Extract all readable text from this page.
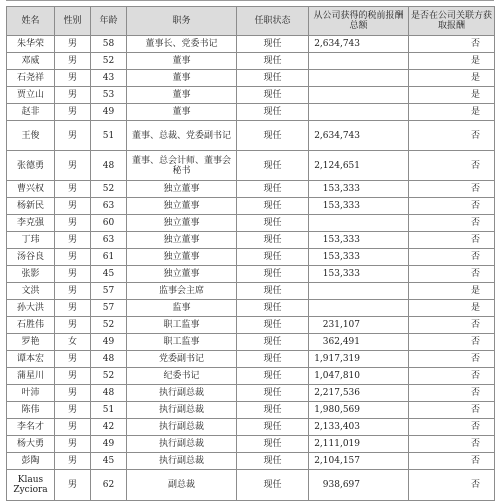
姓名	性别	年龄	职务	任职状态	从公司获得的税前报酬总额	是否在公司关联方获取报酬
朱华荣	男	58	董事长、党委书记	现任	2,634,743	否
邓威	男	52	董事	现任		是
石尧祥	男	43	董事	现任		是
贾立山	男	53	董事	现任		是
赵非	男	49	董事	现任		是
王俊	男	51	董事、总裁、党委副书记	现任	2,634,743	否
张德勇	男	48	董事、总会计师、董事会秘书	现任	2,124,651	否
曹兴权	男	52	独立董事	现任	153,333	否
杨新民	男	63	独立董事	现任	153,333	否
李克强	男	60	独立董事	现任		否
丁玮	男	63	独立董事	现任	153,333	否
汤谷良	男	61	独立董事	现任	153,333	否
张影	男	45	独立董事	现任	153,333	否
文洪	男	57	监事会主席	现任		是
孙大洪	男	57	监事	现任		是
石胜伟	男	52	职工监事	现任	231,107	否
罗艳	女	49	职工监事	现任	362,491	否
谭本宏	男	48	党委副书记	现任	1,917,319	否
蒲星川	男	52	纪委书记	现任	1,047,810	否
叶沛	男	48	执行副总裁	现任	2,217,536	否
陈伟	男	51	执行副总裁	现任	1,980,569	否
李名才	男	42	执行副总裁	现任	2,133,403	否
杨大勇	男	49	执行副总裁	现任	2,111,019	否
彭陶	男	45	执行副总裁	现任	2,104,157	否
Klaus Zyciora	男	62	副总裁	现任	938,697	否
